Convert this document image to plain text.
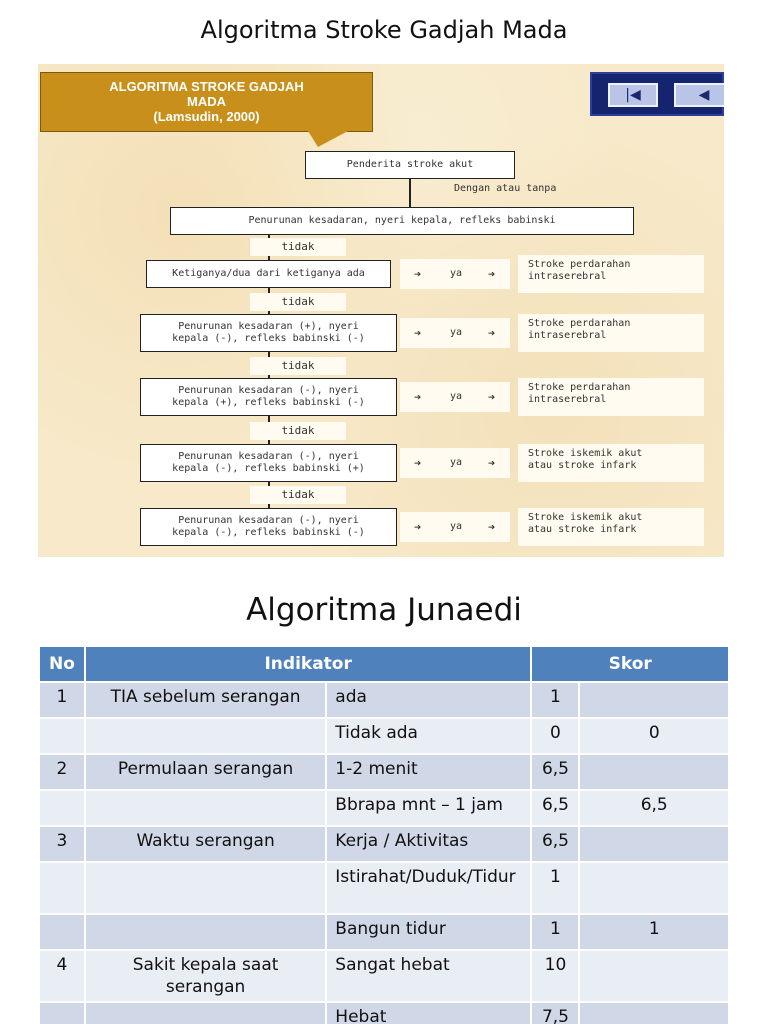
Algoritma Stroke Gadjah Mada
ALGORITMA STROKE GADJAH
MADA
(Lamsudin, 2000)
|◀	◀
Penderita stroke akut
Dengan atau tanpa
Penurunan kesadaran, nyeri kepala, refleks babinski
tidak
Ketiganya/dua dari ketiganya ada	➔	ya ➔
Stroke perdarahan
intraserebral
tidak
Penurunan kesadaran (+), nyeri
kepala (-), refleks babinski (-)	➔	ya ➔
Stroke perdarahan
intraserebral
tidak
Penurunan kesadaran (-), nyeri
kepala (+), refleks babinski (-)	➔	ya ➔
Stroke perdarahan
intraserebral
tidak
Penurunan kesadaran (-), nyeri
kepala (-), refleks babinski (+)	➔	ya ➔
Stroke iskemik akut
atau stroke infark
tidak
Penurunan kesadaran (-), nyeri
kepala (-), refleks babinski (-)	➔	ya ➔
Stroke iskemik akut
atau stroke infark
Algoritma Junaedi
No	Indikator		Skor	
1	TIA sebelum serangan	ada	1	
		Tidak ada	0	0
2	Permulaan serangan	1-2 menit	6,5	
		Bbrapa mnt – 1 jam	6,5	6,5
3	Waktu serangan	Kerja / Aktivitas	6,5	
		Istirahat/Duduk/Tidur	1	
		Bangun tidur	1	1
4	Sakit kepala saat serangan	Sangat hebat	10	
		Hebat	7,5	
